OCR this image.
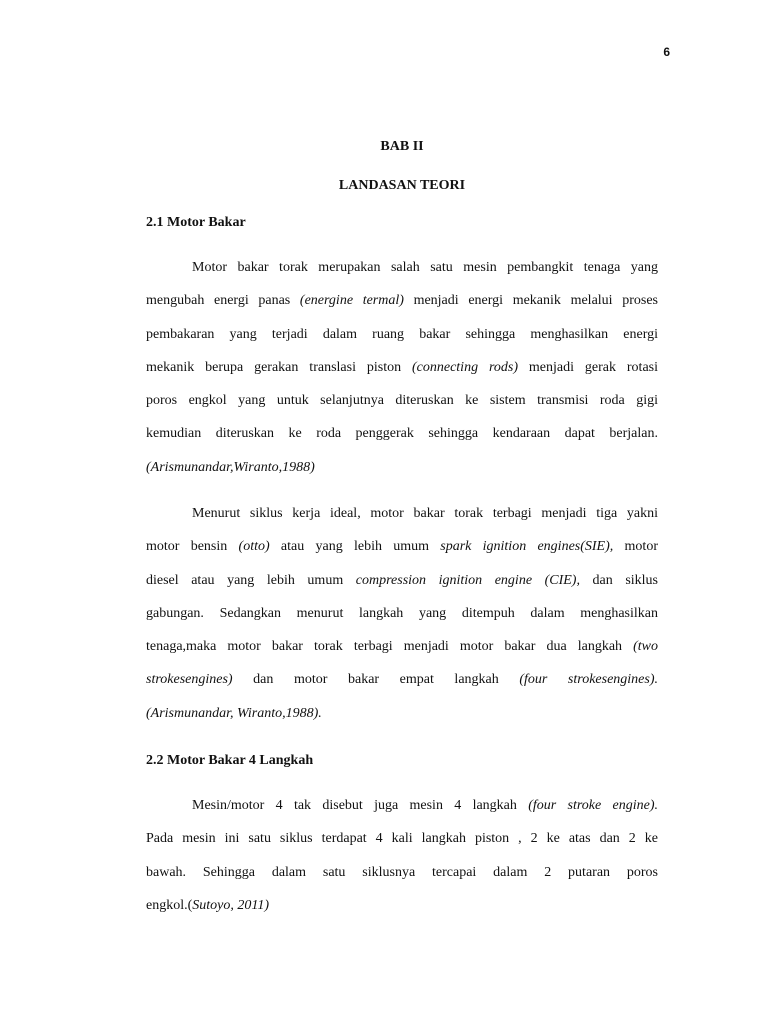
6
BAB II
LANDASAN TEORI
2.1 Motor Bakar
Motor bakar torak merupakan salah satu mesin pembangkit tenaga yang
mengubah energi panas (energine termal) menjadi energi mekanik melalui proses
pembakaran yang terjadi dalam ruang bakar sehingga menghasilkan energi
mekanik berupa gerakan translasi piston (connecting rods) menjadi gerak rotasi
poros engkol yang untuk selanjutnya diteruskan ke sistem transmisi roda gigi
kemudian diteruskan ke roda penggerak sehingga kendaraan dapat berjalan.
(Arismunandar,Wiranto,1988)
Menurut siklus kerja ideal, motor bakar torak terbagi menjadi tiga yakni
motor bensin (otto) atau yang lebih umum spark ignition engines(SIE), motor
diesel atau yang lebih umum compression ignition engine (CIE), dan siklus
gabungan. Sedangkan menurut langkah yang ditempuh dalam menghasilkan
tenaga,maka motor bakar torak terbagi menjadi motor bakar dua langkah (two
strokesengines) dan motor bakar empat langkah (four strokesengines).
(Arismunandar, Wiranto,1988).
2.2 Motor Bakar 4 Langkah
Mesin/motor 4 tak disebut juga mesin 4 langkah (four stroke engine).
Pada mesin ini satu siklus terdapat 4 kali langkah piston , 2 ke atas dan 2 ke
bawah. Sehingga dalam satu siklusnya tercapai dalam 2 putaran poros
engkol.(Sutoyo, 2011)
